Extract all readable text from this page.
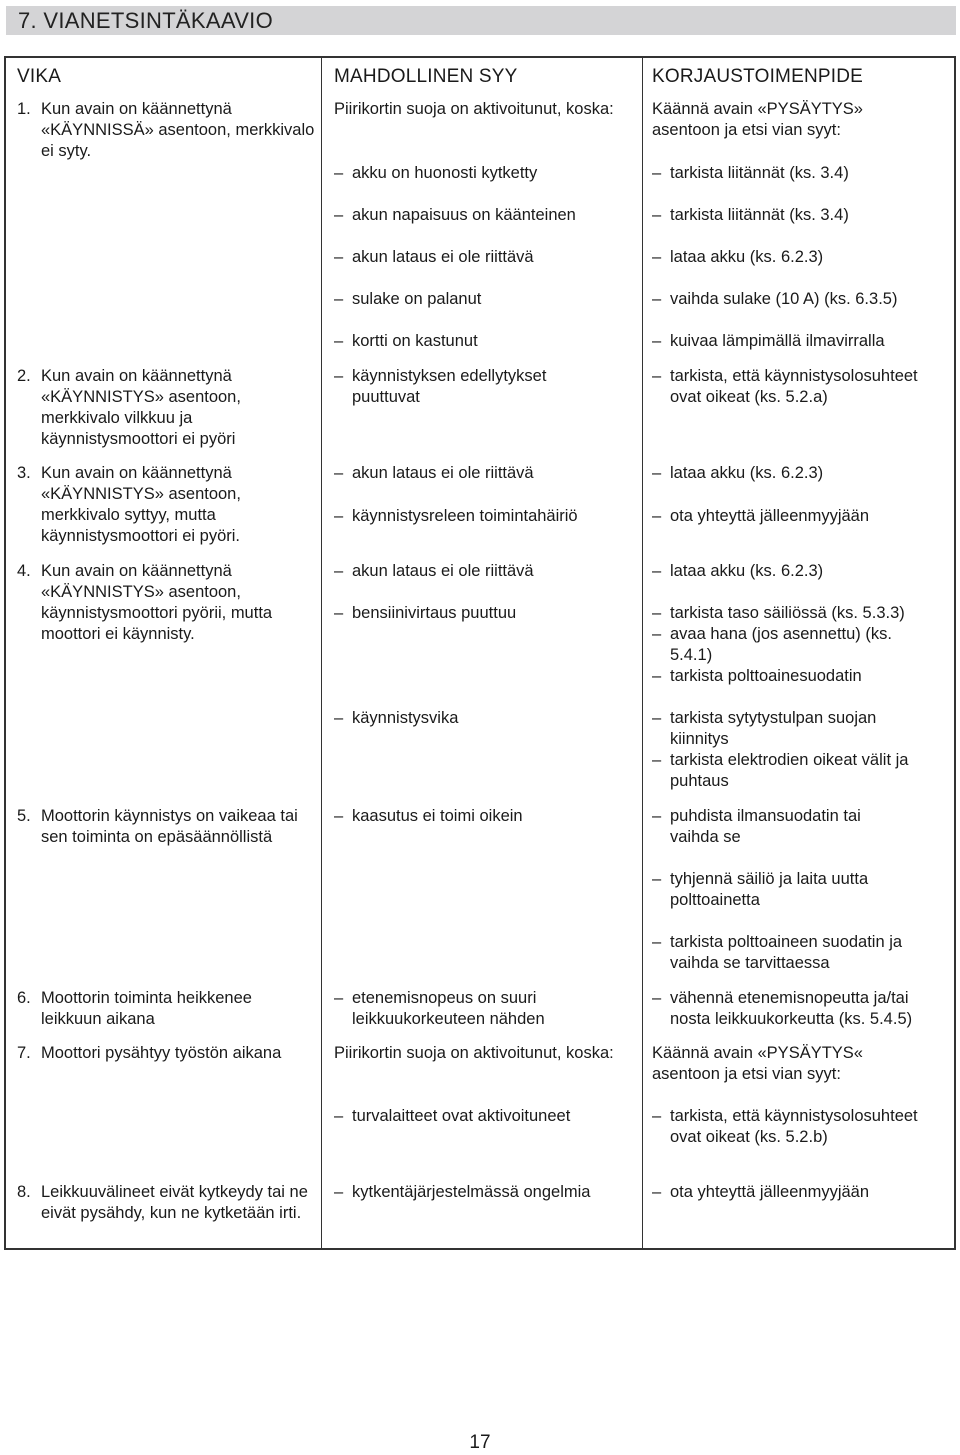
7. VIANETSINTÄKAAVIO
VIKA	MAHDOLLINEN SYY	KORJAUSTOIMENPIDE
1. Kun avain on käännettynä «KÄYNNISSÄ» asentoon, merkkivalo ei syty.
2. Kun avain on käännettynä «KÄYNNISTYS» asentoon, merkkivalo vilkkuu ja käynnistysmoottori ei pyöri
3. Kun avain on käännettynä «KÄYNNISTYS» asentoon, merkkivalo syttyy, mutta käynnistysmoottori ei pyöri.
4. Kun avain on käännettynä «KÄYNNISTYS» asentoon, käynnistysmoottori pyörii, mutta moottori ei käynnisty.
5. Moottorin käynnistys on vaikeaa tai sen toiminta on epäsäännöllistä
6. Moottorin toiminta heikkenee leikkuun aikana
7. Moottori pysähtyy työstön aikana
8. Leikkuuvälineet eivät kytkeydy tai ne eivät pysähdy, kun ne kytketään irti.
Piirikortin suoja on aktivoitunut, koska:
– akku on huonosti kytketty
– akun napaisuus on käänteinen
– akun lataus ei ole riittävä
– sulake on palanut
– kortti on kastunut
– käynnistyksen edellytykset puuttuvat
– akun lataus ei ole riittävä
– käynnistysreleen toimintahäiriö
– akun lataus ei ole riittävä
– bensiinivirtaus puuttuu
– käynnistysvika
– kaasutus ei toimi oikein
– etenemisnopeus on suuri leikkuukorkeuteen nähden
Piirikortin suoja on aktivoitunut, koska:
– turvalaitteet ovat aktivoituneet
– kytkentäjärjestelmässä ongelmia
Käännä avain «PYSÄYTYS» asentoon ja etsi vian syyt:
– tarkista liitännät (ks. 3.4)
– tarkista liitännät (ks. 3.4)
– lataa akku (ks. 6.2.3)
– vaihda sulake (10 A) (ks. 6.3.5)
– kuivaa lämpimällä ilmavirralla
– tarkista, että käynnistysolosuhteet ovat oikeat (ks. 5.2.a)
– lataa akku (ks. 6.2.3)
– ota yhteyttä jälleenmyyjään
– lataa akku (ks. 6.2.3)
– tarkista taso säiliössä (ks. 5.3.3)
– avaa hana (jos asennettu) (ks. 5.4.1)
– tarkista polttoainesuodatin
– tarkista sytytystulpan suojan kiinnitys
– tarkista elektrodien oikeat välit ja puhtaus
– puhdista ilmansuodatin tai vaihda se
– tyhjennä säiliö ja laita uutta polttoainetta
– tarkista polttoaineen suodatin ja vaihda se tarvittaessa
– vähennä etenemisnopeutta ja/tai nosta leikkuukorkeutta (ks. 5.4.5)
Käännä avain «PYSÄYTYS« asentoon ja etsi vian syyt:
– tarkista, että käynnistysolosuhteet ovat oikeat (ks. 5.2.b)
– ota yhteyttä jälleenmyyjään
17
